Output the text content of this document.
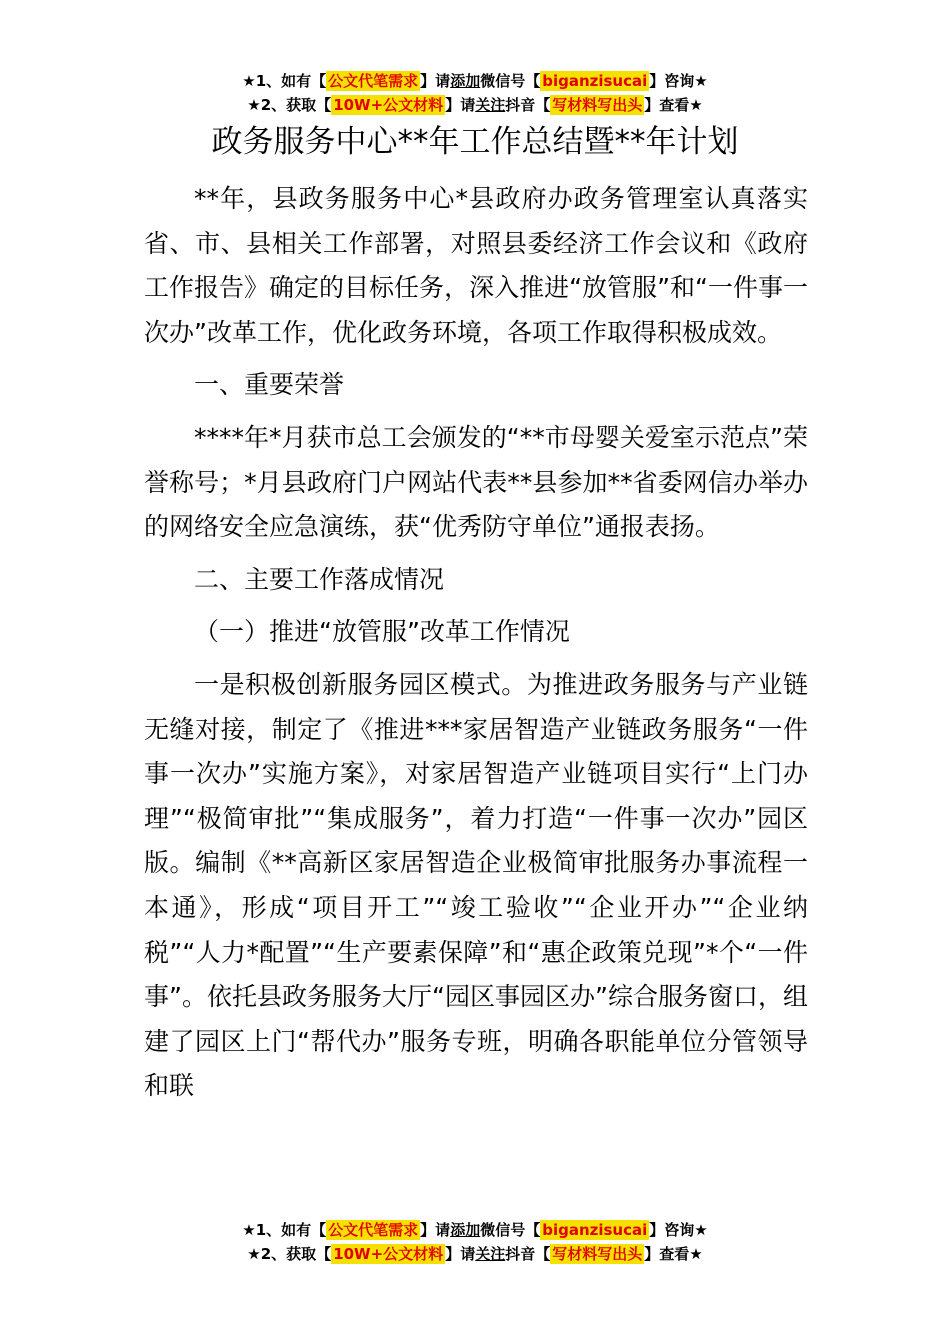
★1、如有【 公文代笔需求 】请添加微信号【 biganzisucai 】咨询★
★2、获取【 10W+公文材料 】请关注抖音【 写材料写出头 】查看★
政务服务中心**年工作总结暨**年计划

**年，县政务服务中心*县政府办政务管理室认真落实省、市、县相关工作部署，对照县委经济工作会议和《政府工作报告》确定的目标任务，深入推进“放管服”和“一件事一次办”改革工作，优化政务环境，各项工作取得积极成效。

一、重要荣誉

****年*月获市总工会颁发的“**市母婴关爱室示范点”荣誉称号；*月县政府门户网站代表**县参加**省委网信办举办的网络安全应急演练，获“优秀防守单位”通报表扬。

二、主要工作落成情况

（一）推进“放管服”改革工作情况

一是积极创新服务园区模式。为推进政务服务与产业链无缝对接，制定了《推进***家居智造产业链政务服务“一件事一次办”实施方案》，对家居智造产业链项目实行“上门办理”“极简审批”“集成服务”，着力打造“一件事一次办”园区版。编制《**高新区家居智造企业极简审批服务办事流程一本通》，形成“项目开工”“竣工验收”“企业开办”“企业纳税”“人力*配置”“生产要素保障”和“惠企政策兑现”*个“一件事”。依托县政务服务大厅“园区事园区办”综合服务窗口，组建了园区上门“帮代办”服务专班，明确各职能单位分管领导和联

★1、如有【 公文代笔需求 】请添加微信号【 biganzisucai 】咨询★
★2、获取【 10W+公文材料 】请关注抖音【 写材料写出头 】查看★
